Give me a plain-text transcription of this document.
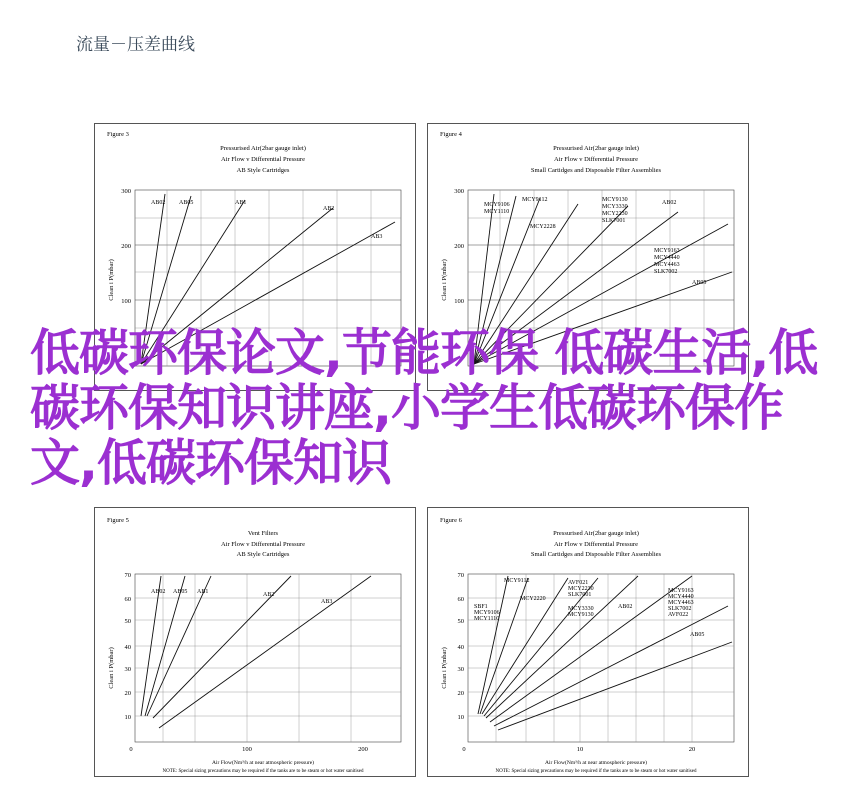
流量－压差曲线
Figure 3
Pressurised Air(2bar gauge inlet)
Air Flow v Differential Pressure
AB Style Cartridges
300
200
100
Clean i P(mbar)
AB02 AB05	AB1
AB2
AB3
Figure 4
Pressurised Air(2bar gauge inlet)
Air Flow v Differential Pressure
Small Cartidges and Disposable Filter Assemblies
300
200
100
Clean i P(mbar)
MCY9106
MCY1110
MCY9112
MCY2228
MCY9130
MCY3330
MCY2230
SLK7001
AB02
MCY9163
MCY4440
MCY4463
SLK7002
AB05
Figure 5
Vent Filters
Air Flow v Differential Pressure
AB Style Cartridges
70
60
50
40
30
20
10
0	100	200
Clean i P(mbar)
Air Flow(Nm³/h at near atmospheric pressure)
NOTE: Special sizing precautions may be required if the tanks are to be steam or hot water sanitised
AB02 AB05 AB1	AB2
AB3
Figure 6
Pressurised Air(2bar gauge inlet)
Air Flow v Differential Pressure
Small Cartidges and Disposable Filter Assemblies
70
60
50
40
30
20
10
0	10	20
Clean i P(mbar)
Air Flow(Nm³/h at near atmospheric pressure)
NOTE: Special sizing precautions may be required if the tanks are to be steam or hot water sanitised
MCY9112	AVF021
MCY2230
SLK7001
SBF1
MCY9106
MCY1110
MCY2220
MCY3330
MCY9130
AB02
MCY9163
MCY4440
MCY4463
SLK7002
AVF022
AB05
低碳环保论文,节能环保 低碳生活,低碳环保知识讲座,小学生低碳环保作文,低碳环保知识
